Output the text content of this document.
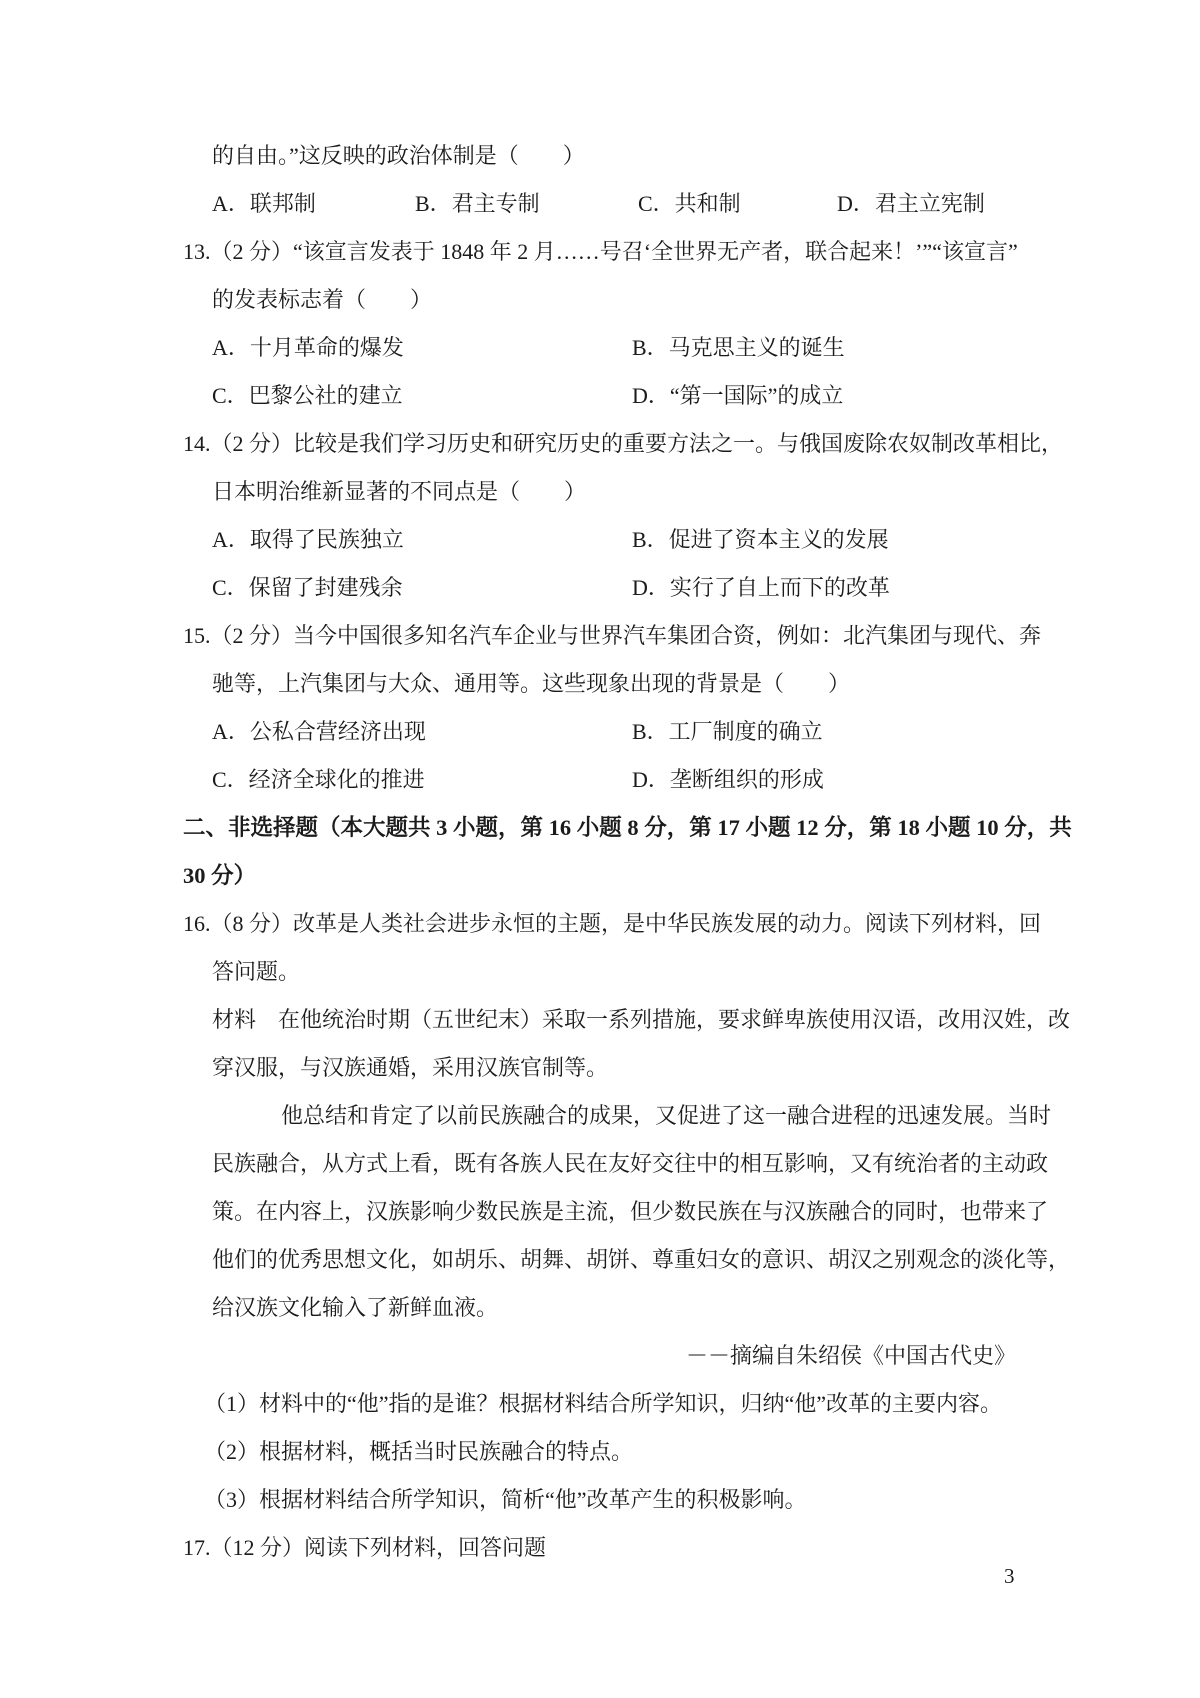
的自由。”这反映的政治体制是（　　）
A．联邦制	B．君主专制	C．共和制	D．君主立宪制
13.（2 分）“该宣言发表于 1848 年 2 月……号召‘全世界无产者，联合起来！’”“该宣言”
的发表标志着（　　）
A．十月革命的爆发	B．马克思主义的诞生
C．巴黎公社的建立	D．“第一国际”的成立
14.（2 分）比较是我们学习历史和研究历史的重要方法之一。与俄国废除农奴制改革相比，
日本明治维新显著的不同点是（　　）
A．取得了民族独立	B．促进了资本主义的发展
C．保留了封建残余	D．实行了自上而下的改革
15.（2 分）当今中国很多知名汽车企业与世界汽车集团合资，例如：北汽集团与现代、奔
驰等，上汽集团与大众、通用等。这些现象出现的背景是（　　）
A．公私合营经济出现	B．工厂制度的确立
C．经济全球化的推进	D．垄断组织的形成
二、非选择题（本大题共 3 小题，第 16 小题 8 分，第 17 小题 12 分，第 18 小题 10 分，共
30 分）
16.（8 分）改革是人类社会进步永恒的主题，是中华民族发展的动力。阅读下列材料，回
答问题。
材料　在他统治时期（五世纪末）采取一系列措施，要求鲜卑族使用汉语，改用汉姓，改
穿汉服，与汉族通婚，采用汉族官制等。
他总结和肯定了以前民族融合的成果，又促进了这一融合进程的迅速发展。当时
民族融合，从方式上看，既有各族人民在友好交往中的相互影响，又有统治者的主动政
策。在内容上，汉族影响少数民族是主流，但少数民族在与汉族融合的同时，也带来了
他们的优秀思想文化，如胡乐、胡舞、胡饼、尊重妇女的意识、胡汉之别观念的淡化等，
给汉族文化输入了新鲜血液。
－－摘编自朱绍侯《中国古代史》
（1）材料中的“他”指的是谁？根据材料结合所学知识，归纳“他”改革的主要内容。
（2）根据材料，概括当时民族融合的特点。
（3）根据材料结合所学知识，简析“他”改革产生的积极影响。
17.（12 分）阅读下列材料，回答问题
3
